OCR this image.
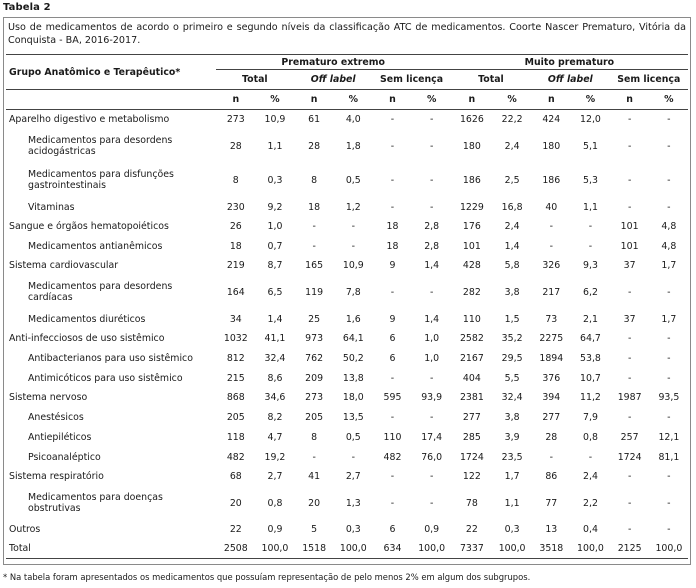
Tabela 2
Uso de medicamentos de acordo o primeiro e segundo níveis da classificação ATC de medicamentos. Coorte Nascer Prematuro, Vitória da Conquista - BA, 2016-2017.
Grupo Anatômico e Terapêutico*	Prematuro extremo						Muito prematuro					
	Total		Off label		Sem licença		Total		Off label		Sem licença	
	n	%	n	%	n	%	n	%	n	%	n	%
Aparelho digestivo e metabolismo	273	10,9	61	4,0	-	-	1626	22,2	424	12,0	-	-
Medicamentos para desordens acidogástricas	28	1,1	28	1,8	-	-	180	2,4	180	5,1	-	-
Medicamentos para disfunções gastrointestinais	8	0,3	8	0,5	-	-	186	2,5	186	5,3	-	-
Vitaminas	230	9,2	18	1,2	-	-	1229	16,8	40	1,1	-	-
Sangue e órgãos hematopoiéticos	26	1,0	-	-	18	2,8	176	2,4	-	-	101	4,8
Medicamentos antianêmicos	18	0,7	-	-	18	2,8	101	1,4	-	-	101	4,8
Sistema cardiovascular	219	8,7	165	10,9	9	1,4	428	5,8	326	9,3	37	1,7
Medicamentos para desordens cardíacas	164	6,5	119	7,8	-	-	282	3,8	217	6,2	-	-
Medicamentos diuréticos	34	1,4	25	1,6	9	1,4	110	1,5	73	2,1	37	1,7
Anti-infecciosos de uso sistêmico	1032	41,1	973	64,1	6	1,0	2582	35,2	2275	64,7	-	-
Antibacterianos para uso sistêmico	812	32,4	762	50,2	6	1,0	2167	29,5	1894	53,8	-	-
Antimicóticos para uso sistêmico	215	8,6	209	13,8	-	-	404	5,5	376	10,7	-	-
Sistema nervoso	868	34,6	273	18,0	595	93,9	2381	32,4	394	11,2	1987	93,5
Anestésicos	205	8,2	205	13,5	-	-	277	3,8	277	7,9	-	-
Antiepiléticos	118	4,7	8	0,5	110	17,4	285	3,9	28	0,8	257	12,1
Psicoanaléptico	482	19,2	-	-	482	76,0	1724	23,5	-	-	1724	81,1
Sistema respiratório	68	2,7	41	2,7	-	-	122	1,7	86	2,4	-	-
Medicamentos para doenças obstrutivas	20	0,8	20	1,3	-	-	78	1,1	77	2,2	-	-
Outros	22	0,9	5	0,3	6	0,9	22	0,3	13	0,4	-	-
Total	2508	100,0	1518	100,0	634	100,0	7337	100,0	3518	100,0	2125	100,0
* Na tabela foram apresentados os medicamentos que possuíam representação de pelo menos 2% em algum dos subgrupos.
